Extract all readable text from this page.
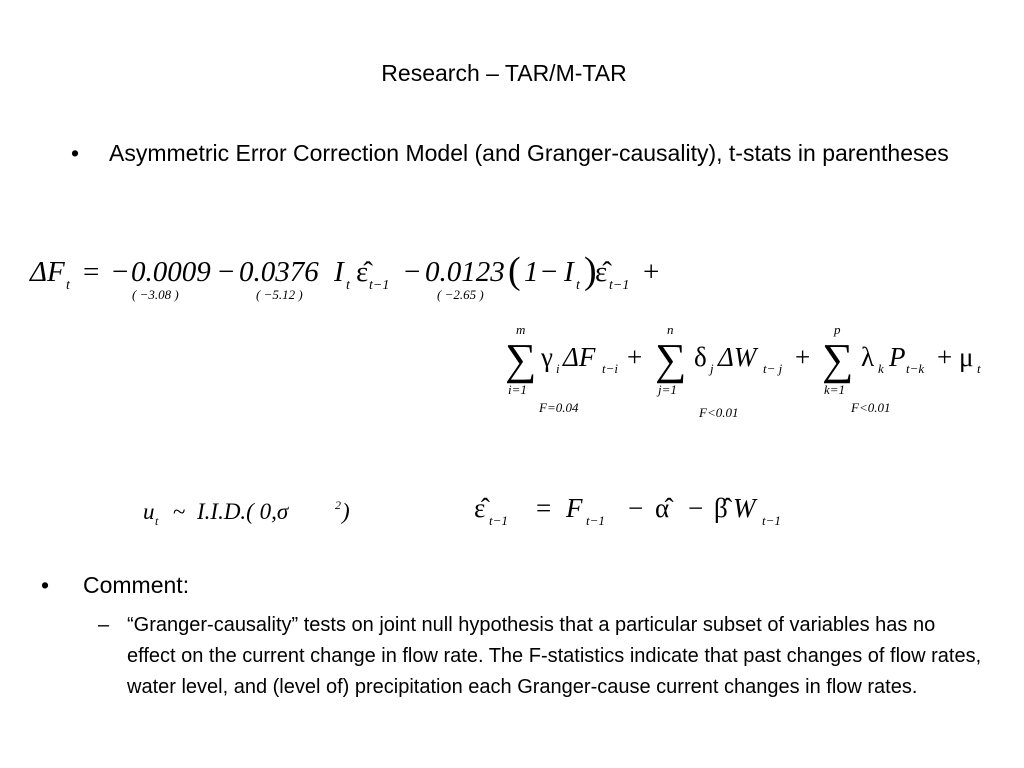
Research – TAR/M-TAR
• Asymmetric Error Correction Model (and Granger-causality), t-stats in parentheses
ΔF t = − 0.0009 − 0.0376 I t ε̂ t−1 − 0.0123 ( 1 − I t )
ε̂ t−1 +
( −3.08 )	( −5.12 )	( −2.65 )
m
∑
i=1
γ i ΔF t−i +
n
∑
j=1
δ j ΔW t− j +
p
∑
k=1
λ k P t−k + μ t
F=0.04	F<0.01	F<0.01
u t ~ I.I.D.( 0,σ	2 )	ε̂ t−1 = F t−1 − α̂ − β̂ W t−1
• Comment:
– “Granger-causality” tests on joint null hypothesis that a particular subset of variables has no effect on the current change in flow rate. The F-statistics indicate that past changes of flow rates, water level, and (level of) precipitation each Granger-cause current changes in flow rates.
